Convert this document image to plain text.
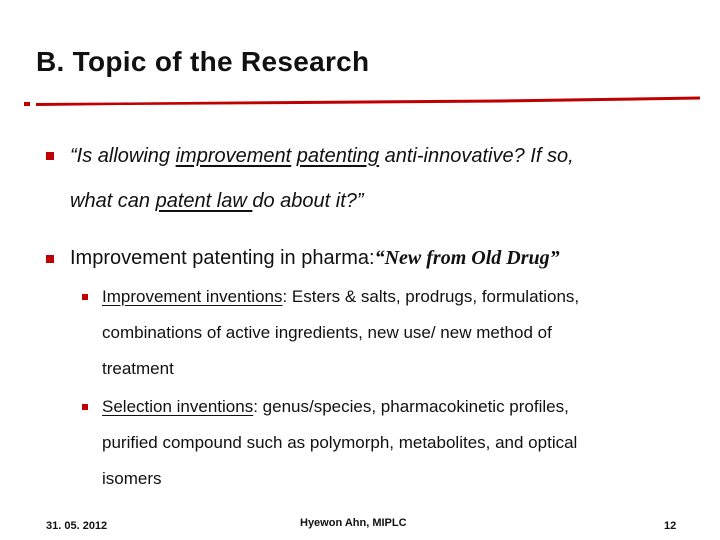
B. Topic of the Research
“Is allowing improvement patenting anti-innovative? If so,
what can patent law do about it?”
Improvement patenting in pharma:“New from Old Drug”
Improvement inventions: Esters & salts, prodrugs, formulations,
combinations of active ingredients, new use/ new method of
treatment
Selection inventions: genus/species, pharmacokinetic profiles,
purified compound such as polymorph, metabolites, and optical
isomers
31. 05. 2012	Hyewon Ahn, MIPLC	12
